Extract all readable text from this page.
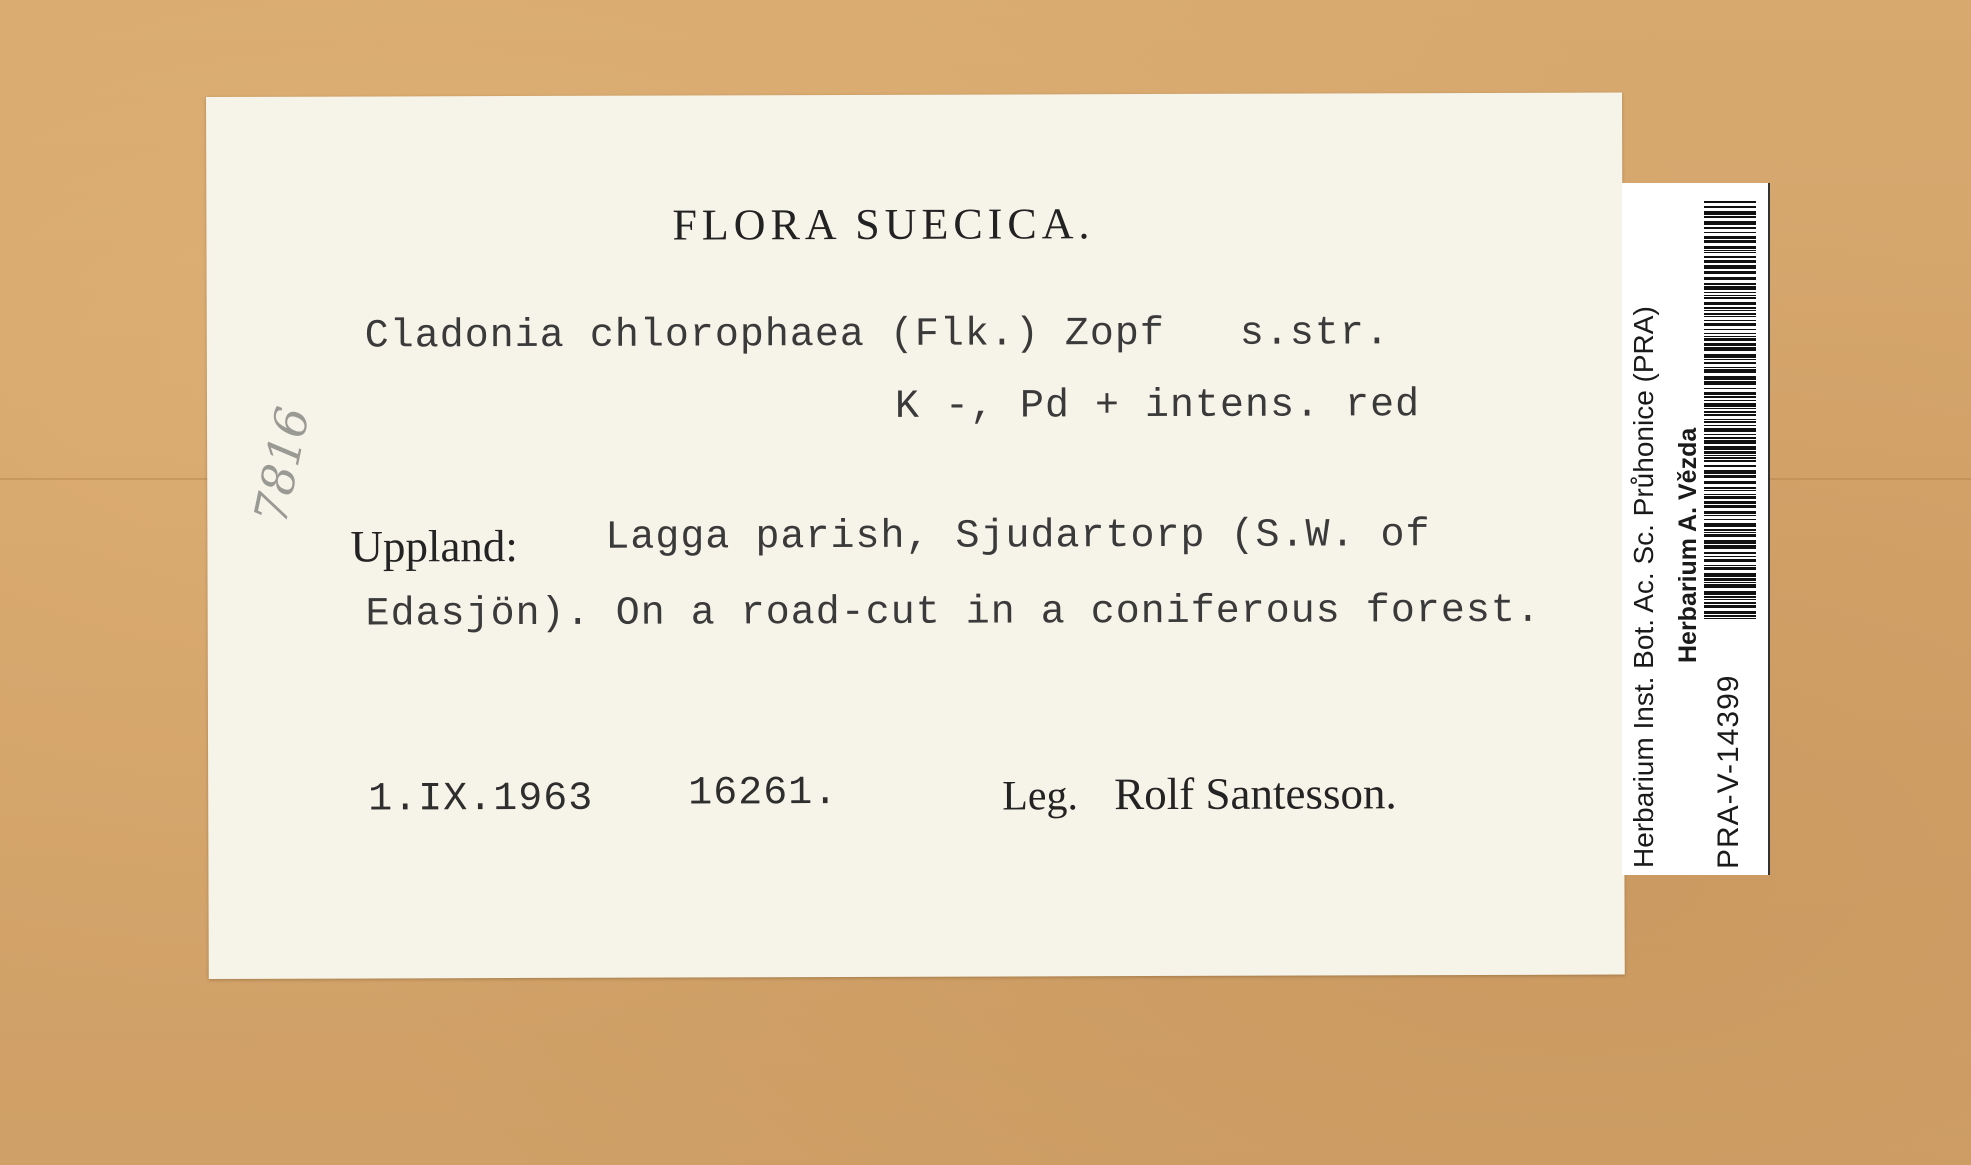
FLORA SUECICA.
Cladonia chlorophaea (Flk.) Zopf   s.str.
K -, Pd + intens. red
7816
Uppland: Lagga parish, Sjudartorp (S.W. of
Edasjön). On a road-cut in a coniferous forest.
1.IX.1963 16261.	Leg. Rolf Santesson.	Herbarium Inst. Bot. Ac. Sc. Průhonice (PRA) Herbarium A. Vězda
PRA-V-14399
